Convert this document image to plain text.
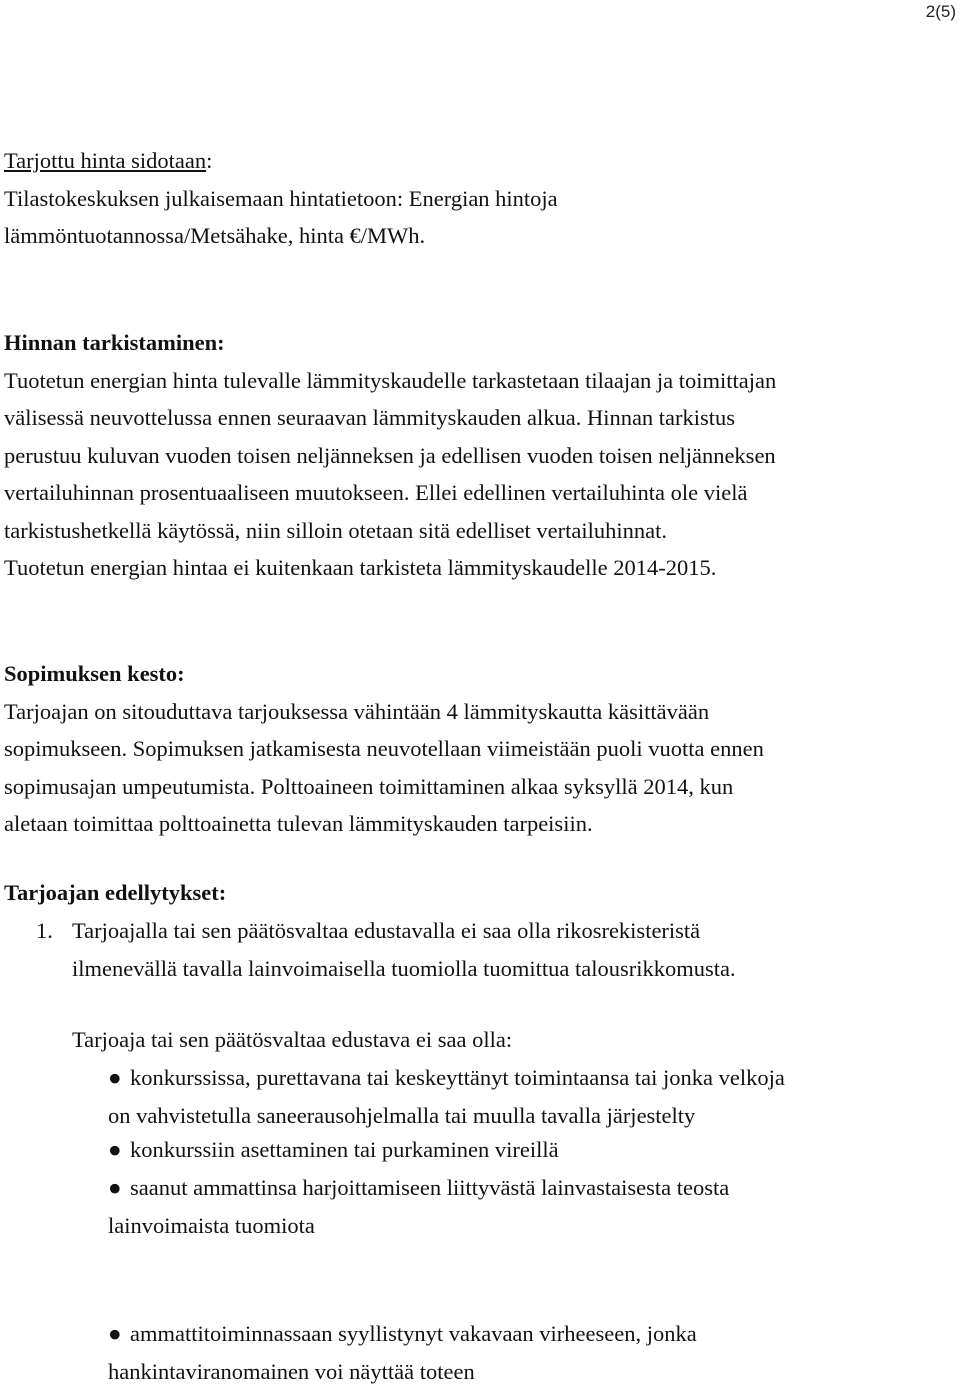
2(5)

Tarjottu hinta sidotaan:

Tilastokeskuksen julkaisemaan hintatietoon: Energian hintoja

lämmöntuotannossa/Metsähake, hinta €/MWh.

Hinnan tarkistaminen:

Tuotetun energian hinta tulevalle lämmityskaudelle tarkastetaan tilaajan ja toimittajan

välisessä neuvottelussa ennen seuraavan lämmityskauden alkua. Hinnan tarkistus

perustuu kuluvan vuoden toisen neljänneksen ja edellisen vuoden toisen neljänneksen

vertailuhinnan prosentuaaliseen muutokseen. Ellei edellinen vertailuhinta ole vielä

tarkistushetkellä käytössä, niin silloin otetaan sitä edelliset vertailuhinnat.

Tuotetun energian hintaa ei kuitenkaan tarkisteta lämmityskaudelle 2014-2015.

Sopimuksen kesto:

Tarjoajan on sitouduttava tarjouksessa vähintään 4 lämmityskautta käsittävään

sopimukseen. Sopimuksen jatkamisesta neuvotellaan viimeistään puoli vuotta ennen

sopimusajan umpeutumista. Polttoaineen toimittaminen alkaa syksyllä 2014, kun

aletaan toimittaa polttoainetta tulevan lämmityskauden tarpeisiin.

Tarjoajan edellytykset:

1. Tarjoajalla tai sen päätösvaltaa edustavalla ei saa olla rikosrekisteristä

ilmenevällä tavalla lainvoimaisella tuomiolla tuomittua talousrikkomusta.

Tarjoaja tai sen päätösvaltaa edustava ei saa olla:

● konkurssissa, purettavana tai keskeyttänyt toimintaansa tai jonka velkoja

on vahvistetulla saneerausohjelmalla tai muulla tavalla järjestelty

● konkurssiin asettaminen tai purkaminen vireillä

● saanut ammattinsa harjoittamiseen liittyvästä lainvastaisesta teosta

lainvoimaista tuomiota

● ammattitoiminnassaan syyllistynyt vakavaan virheeseen, jonka

hankintaviranomainen voi näyttää toteen
